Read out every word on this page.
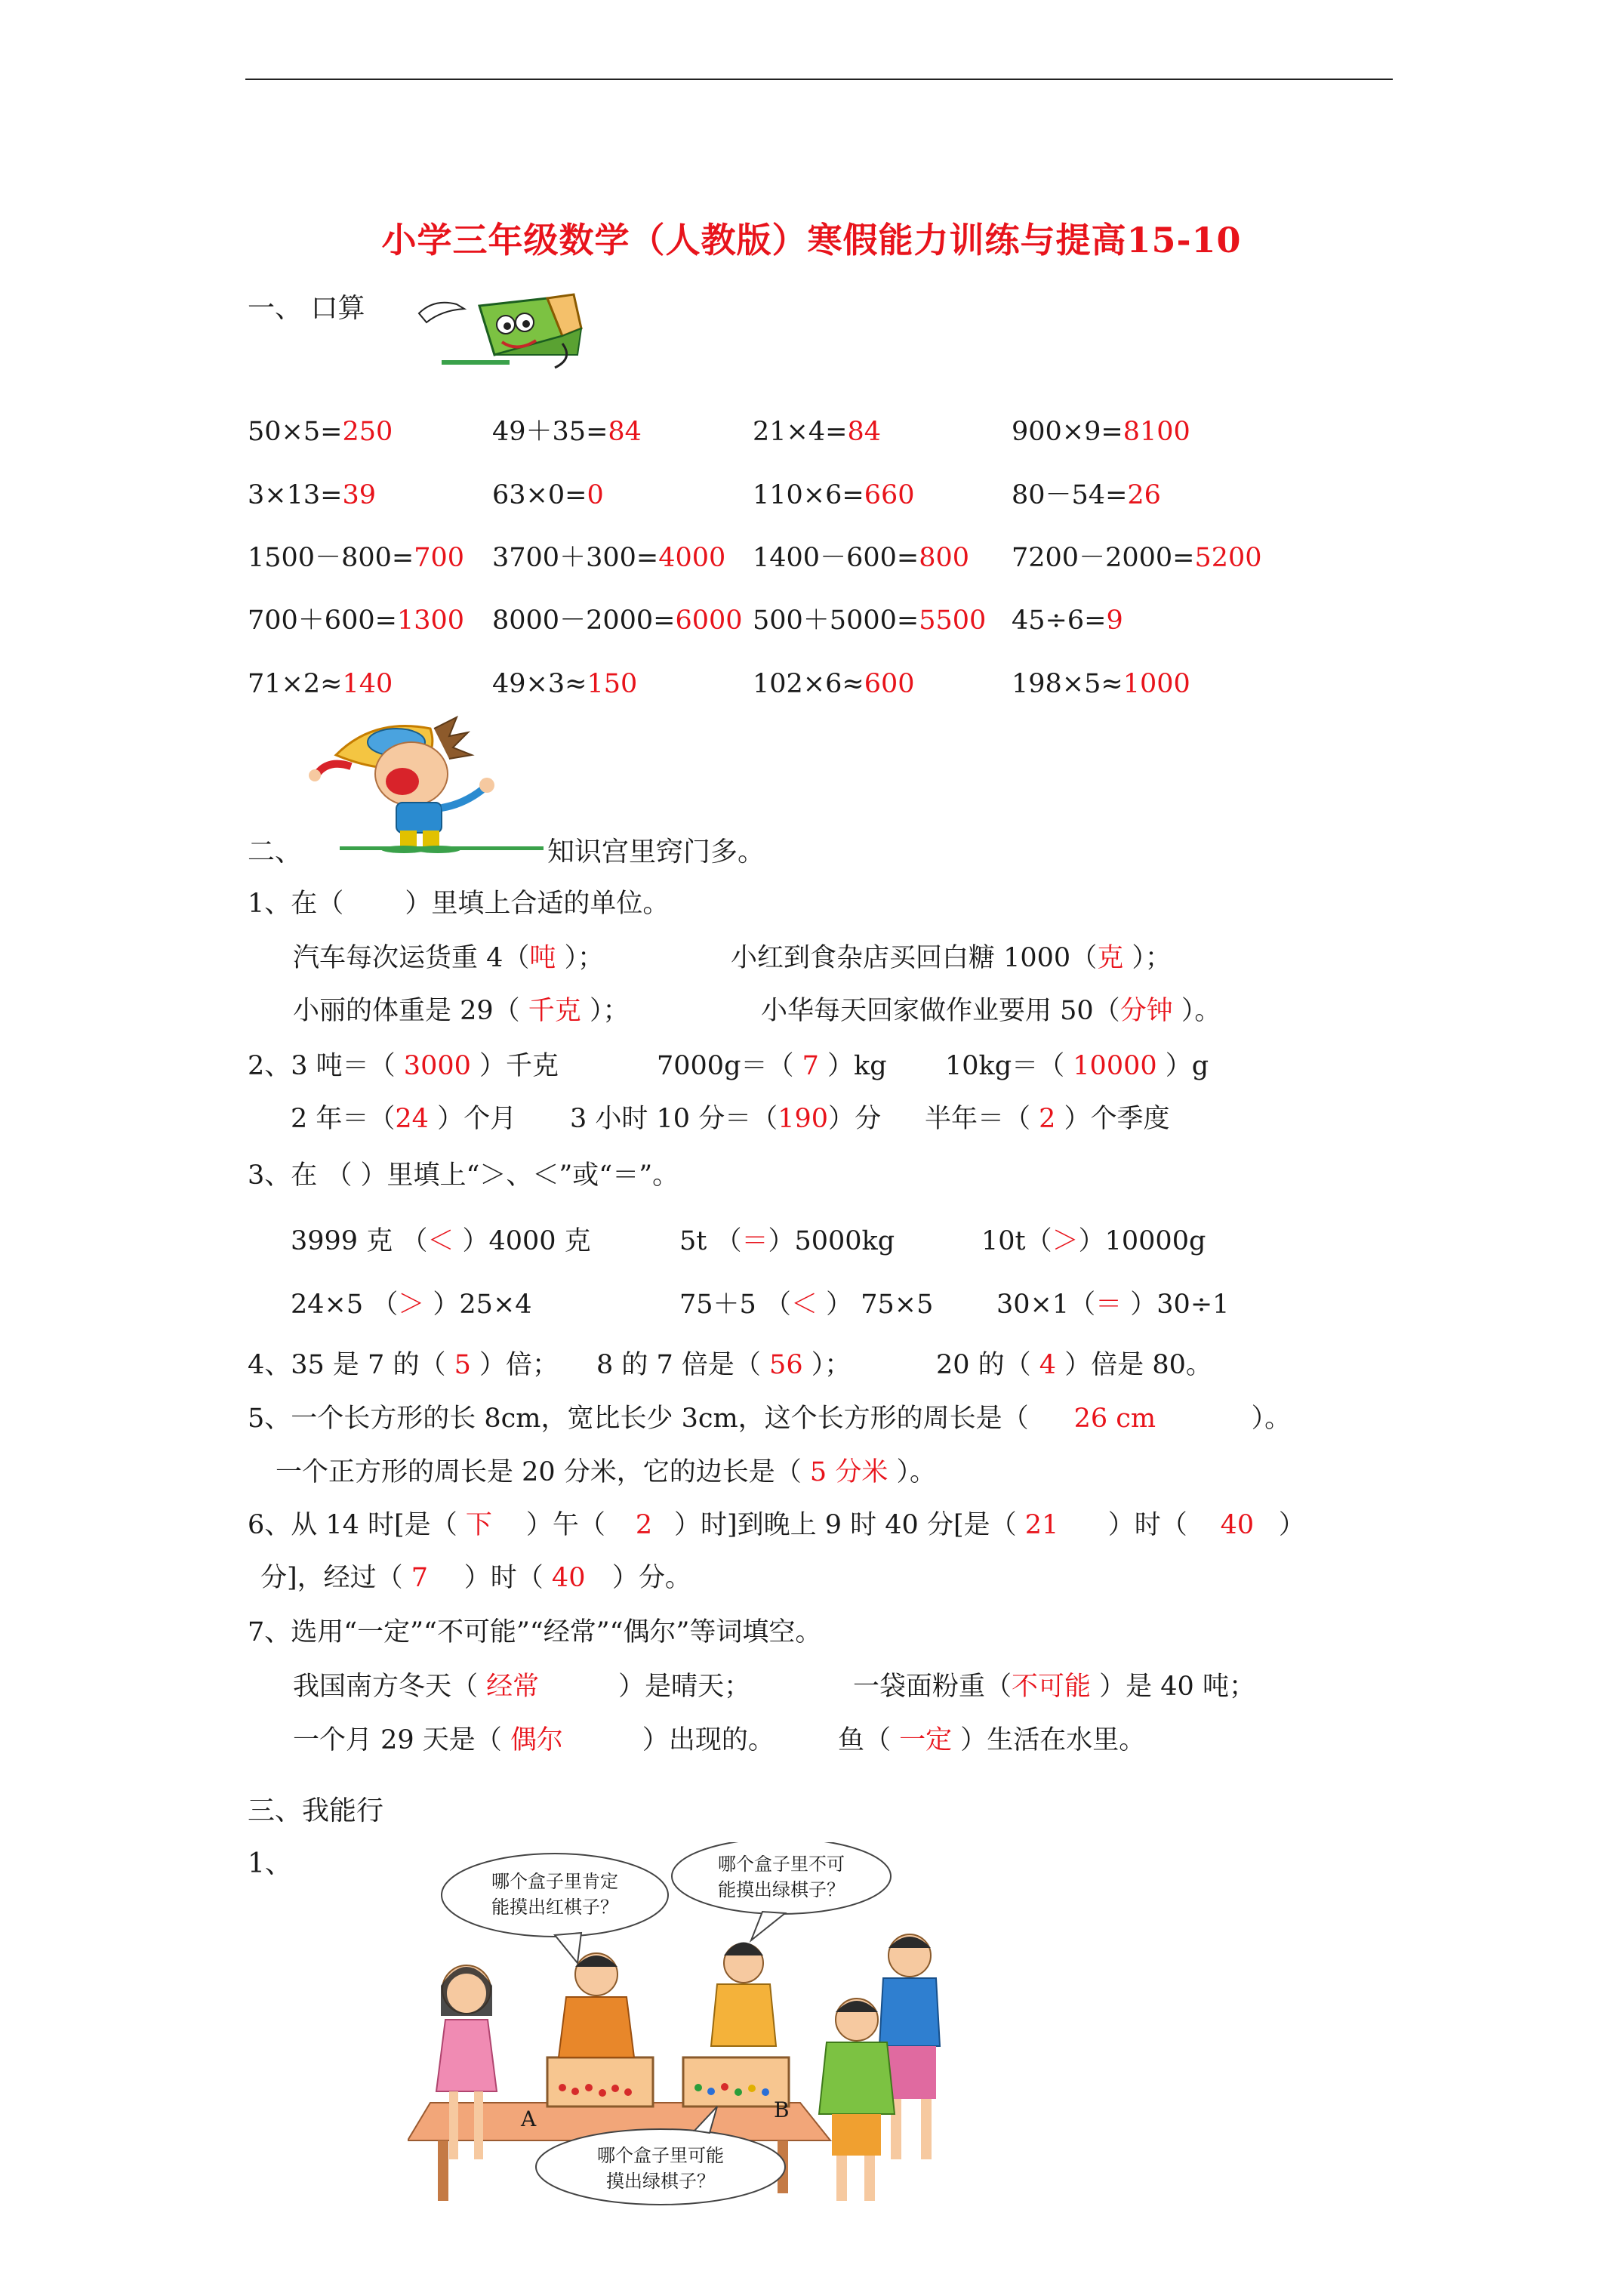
小学三年级数学（人教版）寒假能力训练与提高15-10
一、 口算
50×5=250	49＋35=84	21×4=84	900×9=8100
3×13=39	63×0=0	110×6=660	80－54=26
1500－800=700 3700＋300=4000 1400－600=800 7200－2000=5200
700＋600=1300 8000－2000=6000 500＋5000=5500 45÷6=9
71×2≈140	49×3≈150	102×6≈600	198×5≈1000
二、	知识宫里窍门多。
1、在（　　 ）里填上合适的单位。
汽车每次运货重 4（吨 ）；	小红到食杂店买回白糖 1000（克 ）；
小丽的体重是 29（ 千克 ）；	小华每天回家做作业要用 50（分钟 ）。
2、3 吨＝（ 3000 ）千克	7000g＝（ 7 ）kg 10kg＝（ 10000 ）g
2 年＝（24 ）个月 3 小时 10 分＝（190）分 半年＝（ 2 ）个季度
3、在 （ ）里填上“＞、＜”或“＝”。
3999 克 （＜ ）4000 克	5t （＝）5000kg	10t（＞）10000g
24×5 （＞ ）25×4	75＋5 （＜ ） 75×5 30×1（＝ ）30÷1
4、35 是 7 的（ 5 ）倍； 8 的 7 倍是（ 56 ）；	20 的（ 4 ）倍是 80。
5、一个长方形的长 8cm，宽比长少 3cm，这个长方形的周长是（ 26 cm	）。
一个正方形的周长是 20 分米，它的边长是（ 5 分米 ）。
6、从 14 时[是（ 下 ）午（ 2 ）时]到晚上 9 时 40 分[是（ 21 ）时（ 40 ）
分]，经过（ 7 ）时（ 40 ）分。
7、选用“一定”“不可能”“经常”“偶尔”等词填空。
我国南方冬天（ 经常	）是晴天；	一袋面粉重（不可能 ）是 40 吨；
一个月 29 天是（ 偶尔	）出现的。 鱼（ 一定 ）生活在水里。
三、我能行
1、
哪个盒子里肯定
能摸出红棋子？
哪个盒子里不可
能摸出绿棋子？
哪个盒子里可能
摸出绿棋子？
A	B
